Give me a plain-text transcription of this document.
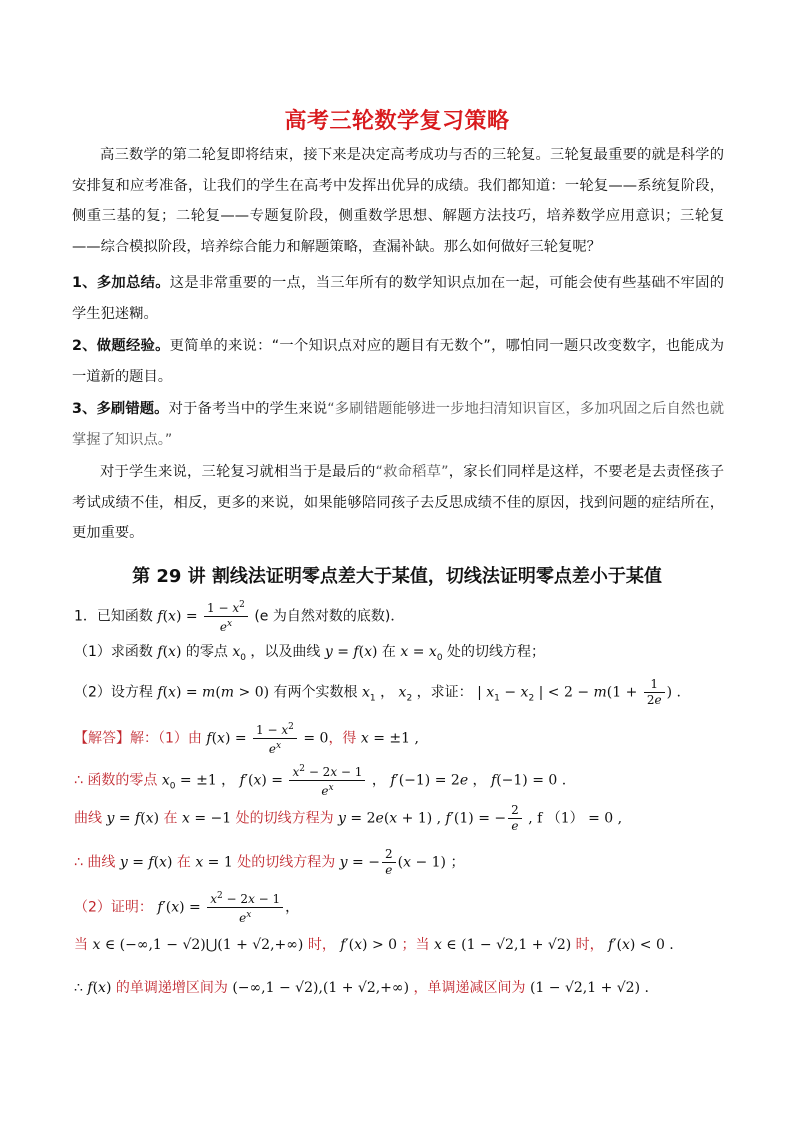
高考三轮数学复习策略
高三数学的第二轮复即将结束，接下来是决定高考成功与否的三轮复。三轮复最重要的就是科学的安排复和应考准备，让我们的学生在高考中发挥出优异的成绩。我们都知道：一轮复——系统复阶段，侧重三基的复；二轮复——专题复阶段，侧重数学思想、解题方法技巧，培养数学应用意识；三轮复——综合模拟阶段，培养综合能力和解题策略，查漏补缺。那么如何做好三轮复呢？
1、多加总结。这是非常重要的一点，当三年所有的数学知识点加在一起，可能会使有些基础不牢固的学生犯迷糊。
2、做题经验。更简单的来说：“一个知识点对应的题目有无数个”，哪怕同一题只改变数字，也能成为一道新的题目。
3、多刷错题。对于备考当中的学生来说“多刷错题能够进一步地扫清知识盲区，多加巩固之后自然也就掌握了知识点。”
对于学生来说，三轮复习就相当于是最后的“救命稻草”，家长们同样是这样，不要老是去责怪孩子考试成绩不佳，相反，更多的来说，如果能够陪同孩子去反思成绩不佳的原因，找到问题的症结所在，更加重要。
第 29 讲 割线法证明零点差大于某值，切线法证明零点差小于某值
1．已知函数 $f(x) = \frac{1 - x^2}{e^x} (e$ 为自然对数的底数)．
（1）求函数 f(x) 的零点 $x_0$ ，以及曲线 y = f(x) 在 $x = x_0$ 处的切线方程；
（2）设方程 f(x) = m(m > 0) 有两个实数根 $x_1$ ， $x_2$ ，求证： | $x_1 - x_2$ | < $2 - m(1 + \frac{1}{2e}$ ) .
【解答】解：（1）由 $f(x) = \frac{1 - x^2}{e^x} = 0$，得 x = ±1 ,
∴ 函数的零点 $x_0 = \pm 1$ ， $f'(x) = \frac{x^2 - 2x - 1}{e^x}$ ， f′(−1) = 2e ， f(−1) = 0 .
曲线 y = f(x) 在 x = −1 处的切线方程为 y = 2e(x + 1) , f′(1) = − $\frac{2}{e}$ , f （1） = 0 ,
∴ 曲线 y = f(x) 在 x = 1 处的切线方程为 y = − $\frac{2}{e} (x - 1)$ ；
（2）证明： $f'(x) = \frac{x^2 - 2x - 1}{e^x}$ ，
当 x ∈ (−∞,1 − √2)⋃(1 + √2,+∞) 时， f′(x) > 0 ；当 x ∈ (1 − √2,1 + √2) 时， f′(x) < 0 .
∴ f(x) 的单调递增区间为 (−∞,1 − √2),(1 + √2,+∞) ，单调递减区间为 (1 − √2,1 + √2) .
